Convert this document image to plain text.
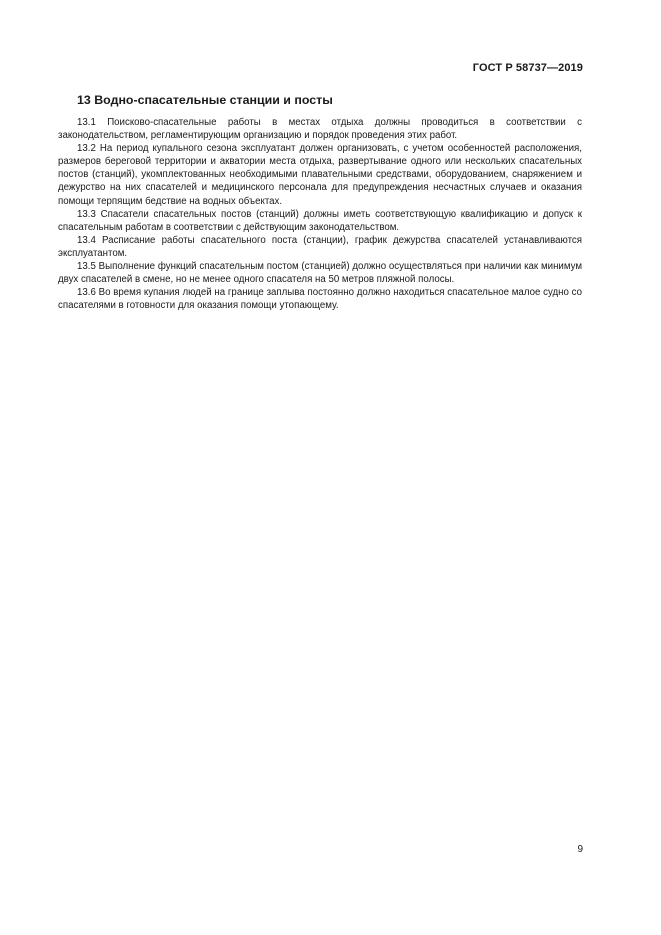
ГОСТ Р 58737—2019
13 Водно-спасательные станции и посты

13.1 Поисково-спасательные работы в местах отдыха должны проводиться в соответствии с законодательством, регламентирующим организацию и порядок проведения этих работ.

13.2 На период купального сезона эксплуатант должен организовать, с учетом особенностей расположения, размеров береговой территории и акватории места отдыха, развертывание одного или нескольких спасательных постов (станций), укомплектованных необходимыми плавательными средствами, оборудованием, снаряжением и дежурство на них спасателей и медицинского персонала для предупреждения несчастных случаев и оказания помощи терпящим бедствие на водных объектах.

13.3 Спасатели спасательных постов (станций) должны иметь соответствующую квалификацию и допуск к спасательным работам в соответствии с действующим законодательством.

13.4 Расписание работы спасательного поста (станции), график дежурства спасателей устанавливаются эксплуатантом.

13.5 Выполнение функций спасательным постом (станцией) должно осуществляться при наличии как минимум двух спасателей в смене, но не менее одного спасателя на 50 метров пляжной полосы.

13.6 Во время купания людей на границе заплыва постоянно должно находиться спасательное малое судно со спасателями в готовности для оказания помощи утопающему.

9
